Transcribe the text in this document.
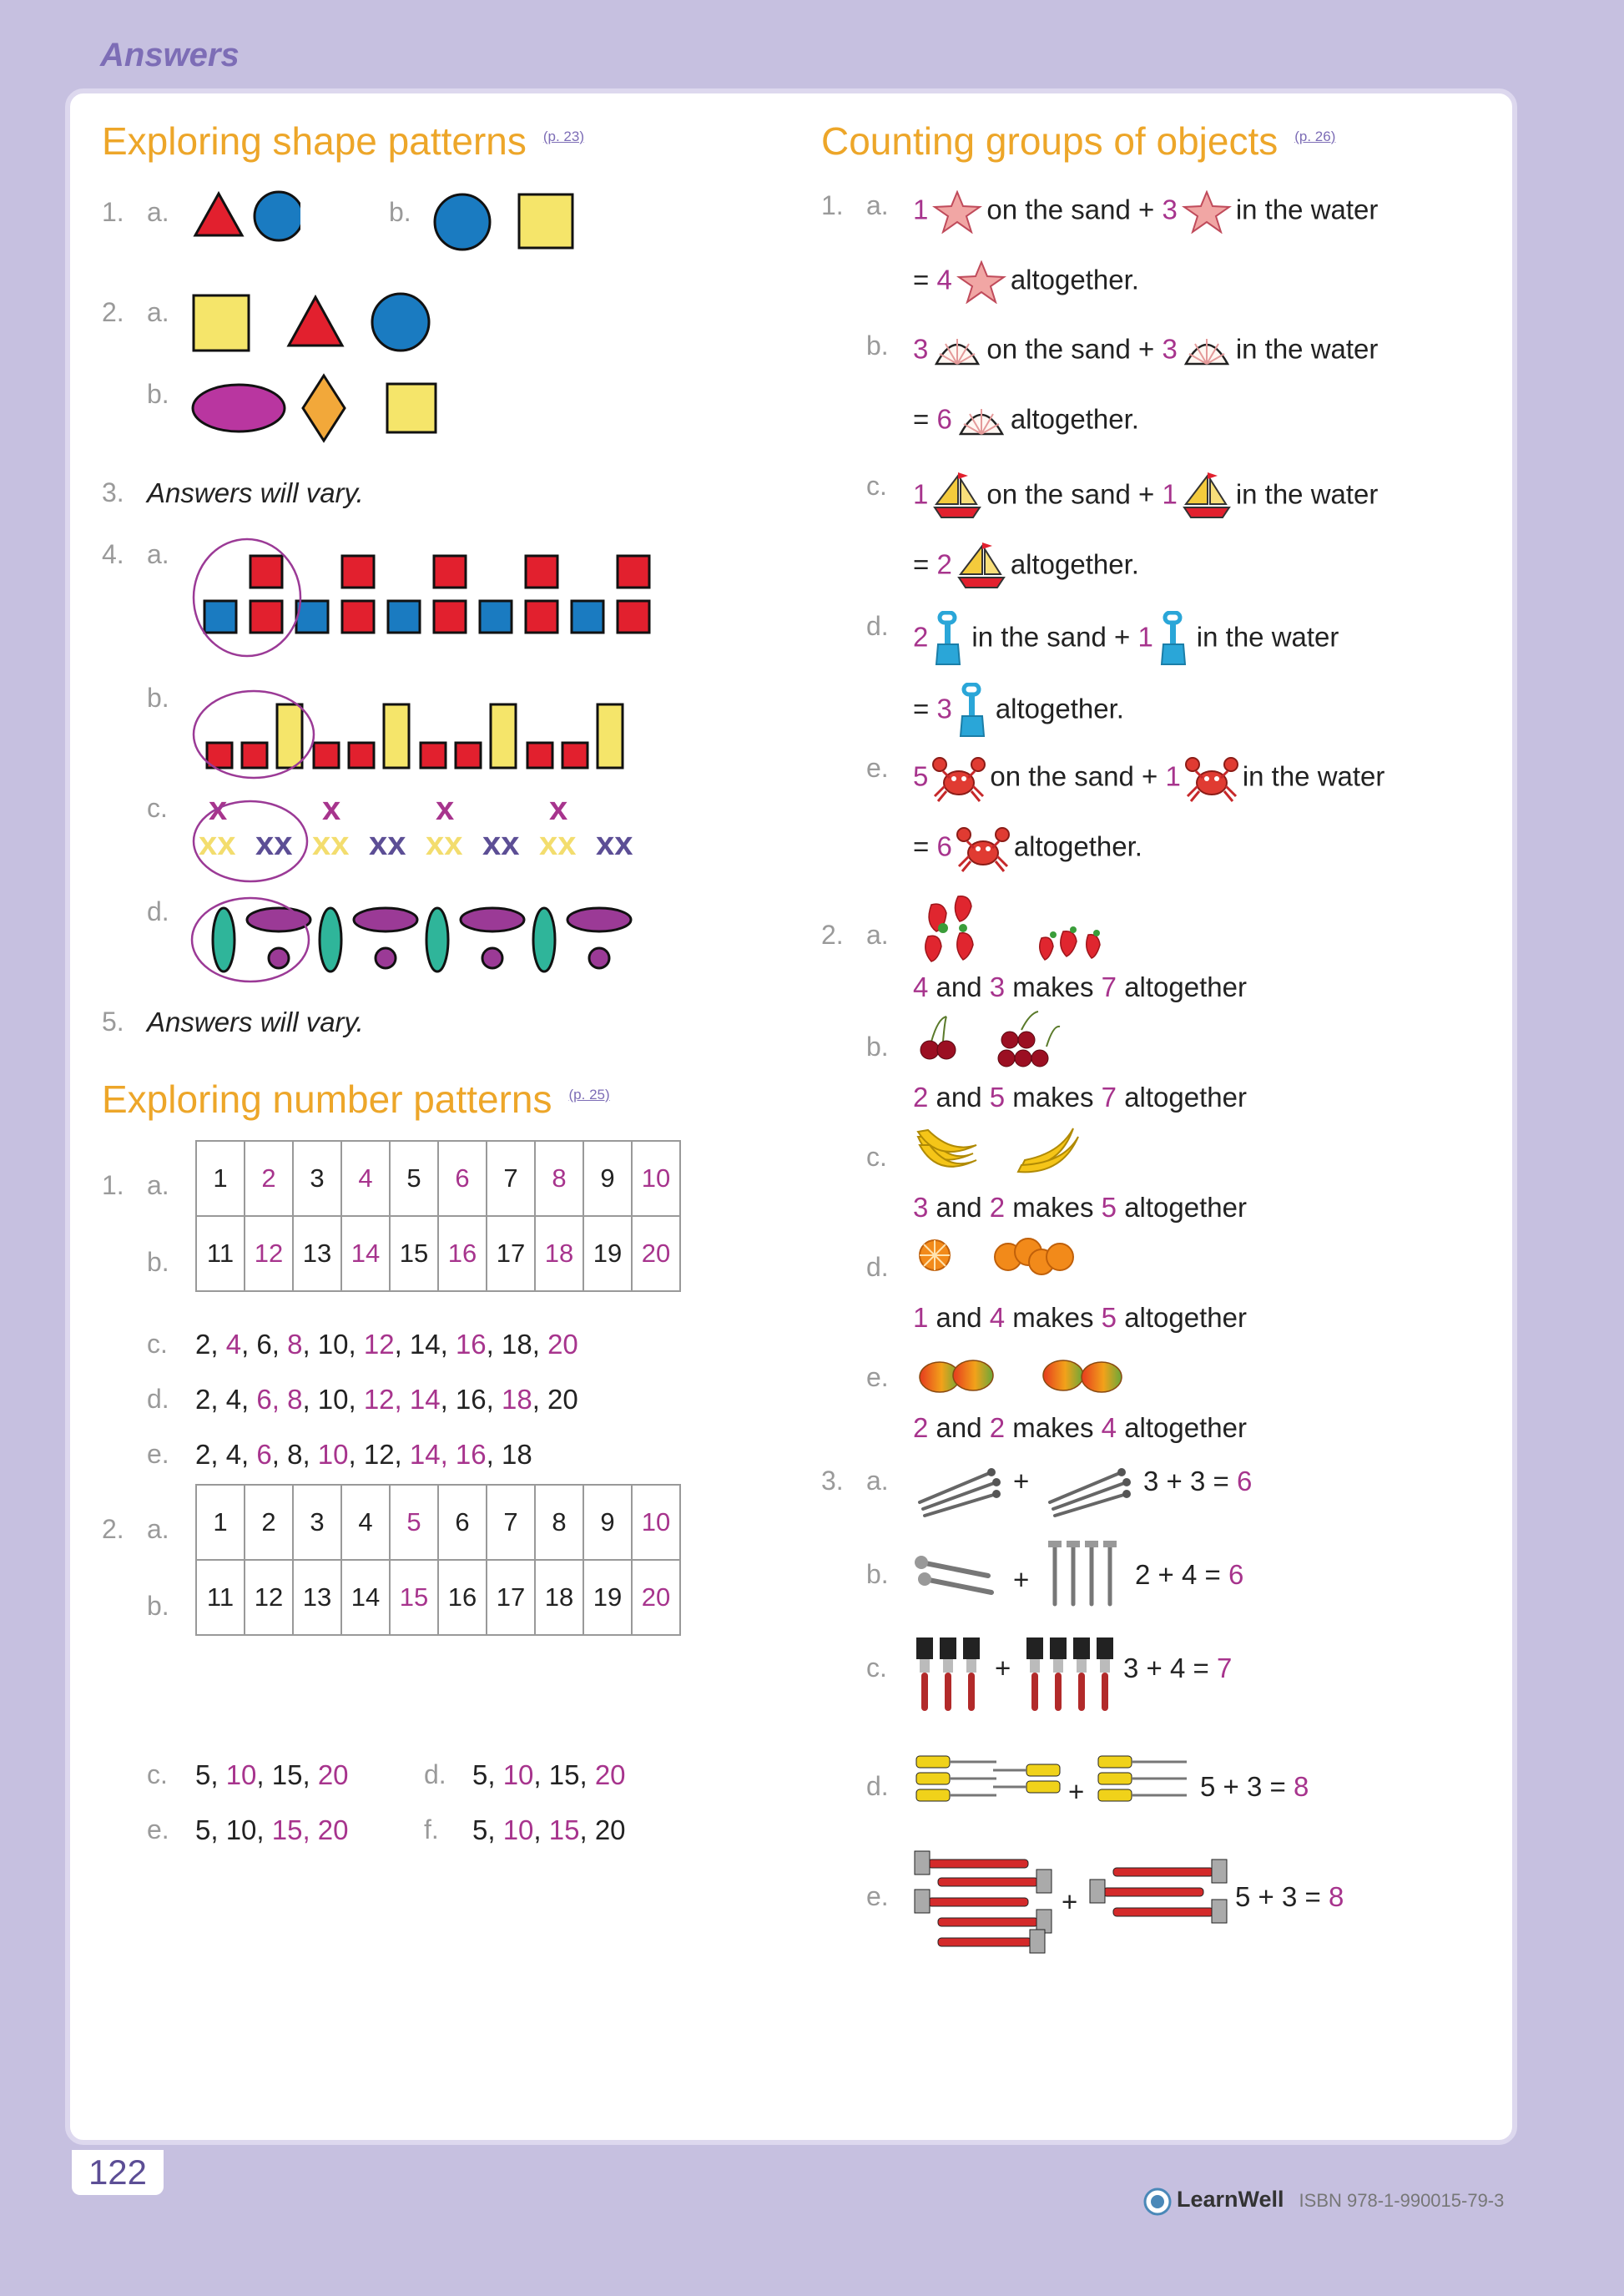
Answers
Exploring shape patterns $^{(p. 23)}$
1. a.	b.
2. a.
b.
3. Answers will vary.
4. a.
b.
c. x	x	x	x
xx xx xx xx xx xx xx xx
d.
5. Answers will vary.
Exploring number patterns $^{(p. 25)}$
1. a.
b.
1	2	3	4	5	6	7	8	9	10
11	12	13	14	15	16	17	18	19	20
c. 2, 4, 6, 8, 10, 12, 14, 16, 18, 20
d. 2, 4, 6, 8, 10, 12, 14, 16, 18, 20
e. 2, 4, 6, 8, 10, 12, 14, 16, 18
2. a.
b.
1	2	3	4	5	6	7	8	9	10
11	12	13	14	15	16	17	18	19	20
c. 5, 10, 15, 20	d. 5, 10, 15, 20
e. 5, 10, 15, 20	f. 5, 10, 15, 20
Counting groups of objects $^{(p. 26)}$
1. a. 1 on the sand + 3 in the water
= 4 altogether.
b. 3 on the sand + 3 in the water
= 6 altogether.
c. 1 on the sand + 1 in the water
= 2 altogether.
d. 2 in the sand + 1 in the water
= 3 altogether.
e. 5 on the sand + 1 in the water
= 6 altogether.
2. a.
4 and 3 makes 7 altogether
b.
2 and 5 makes 7 altogether
c.
3 and 2 makes 5 altogether
d.
1 and 4 makes 5 altogether
e.
2 and 2 makes 4 altogether
3. a.	+	3 + 3 = 6
b.	+	2 + 4 = 6
c.	+	3 + 4 = 7
d.	+	5 + 3 = 8
e.	+	5 + 3 = 8
122
LearnWell ISBN 978-1-990015-79-3
